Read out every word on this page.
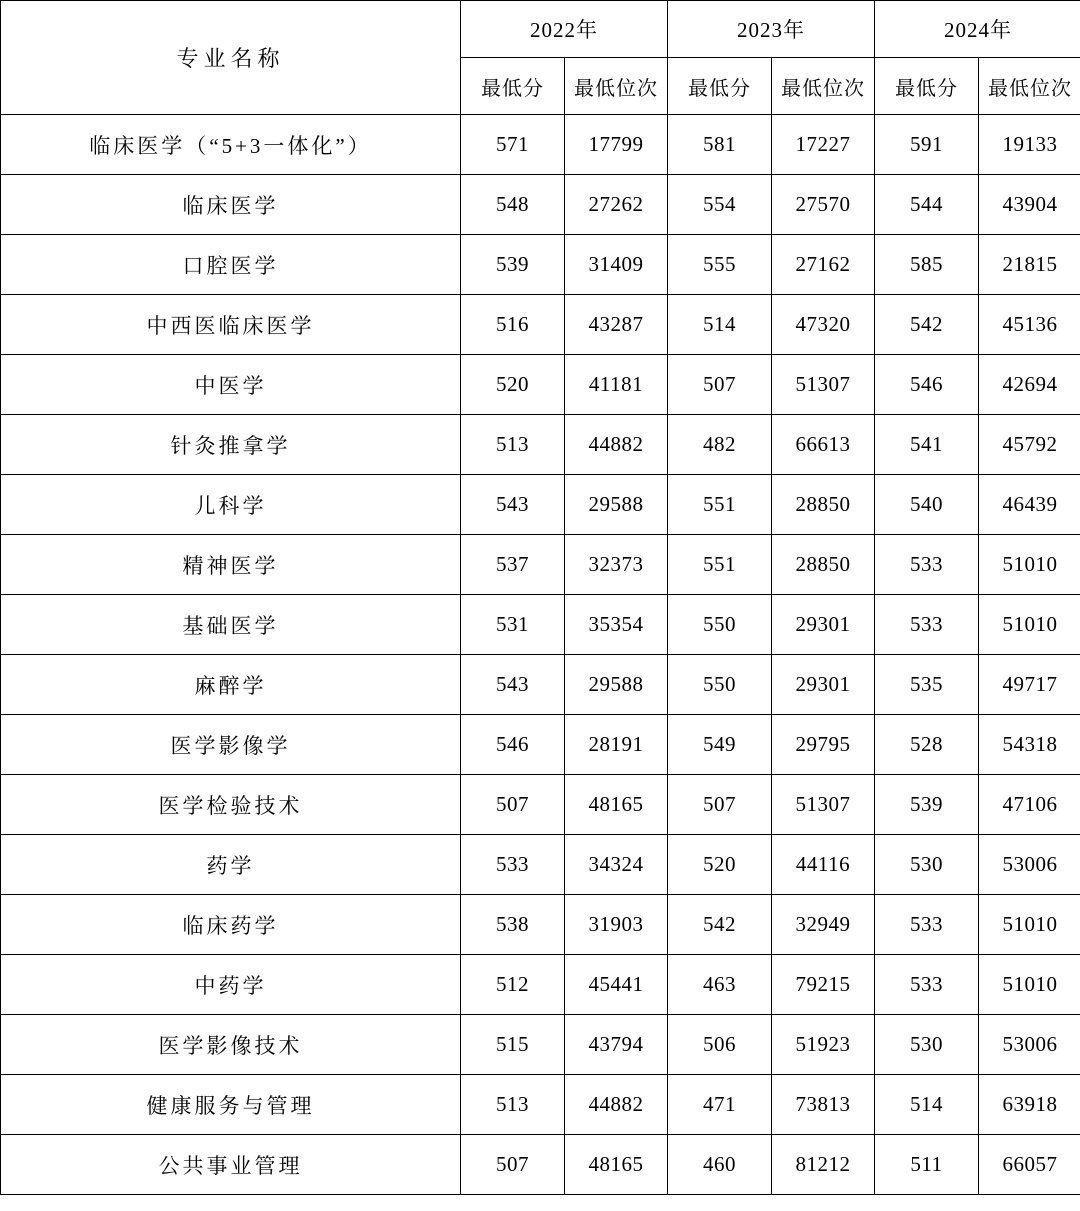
专业名称	2022年		2023年		2024年	
	最低分	最低位次	最低分	最低位次	最低分	最低位次
临床医学（“5+3一体化”）	571	17799	581	17227	591	19133
临床医学	548	27262	554	27570	544	43904
口腔医学	539	31409	555	27162	585	21815
中西医临床医学	516	43287	514	47320	542	45136
中医学	520	41181	507	51307	546	42694
针灸推拿学	513	44882	482	66613	541	45792
儿科学	543	29588	551	28850	540	46439
精神医学	537	32373	551	28850	533	51010
基础医学	531	35354	550	29301	533	51010
麻醉学	543	29588	550	29301	535	49717
医学影像学	546	28191	549	29795	528	54318
医学检验技术	507	48165	507	51307	539	47106
药学	533	34324	520	44116	530	53006
临床药学	538	31903	542	32949	533	51010
中药学	512	45441	463	79215	533	51010
医学影像技术	515	43794	506	51923	530	53006
健康服务与管理	513	44882	471	73813	514	63918
公共事业管理	507	48165	460	81212	511	66057
